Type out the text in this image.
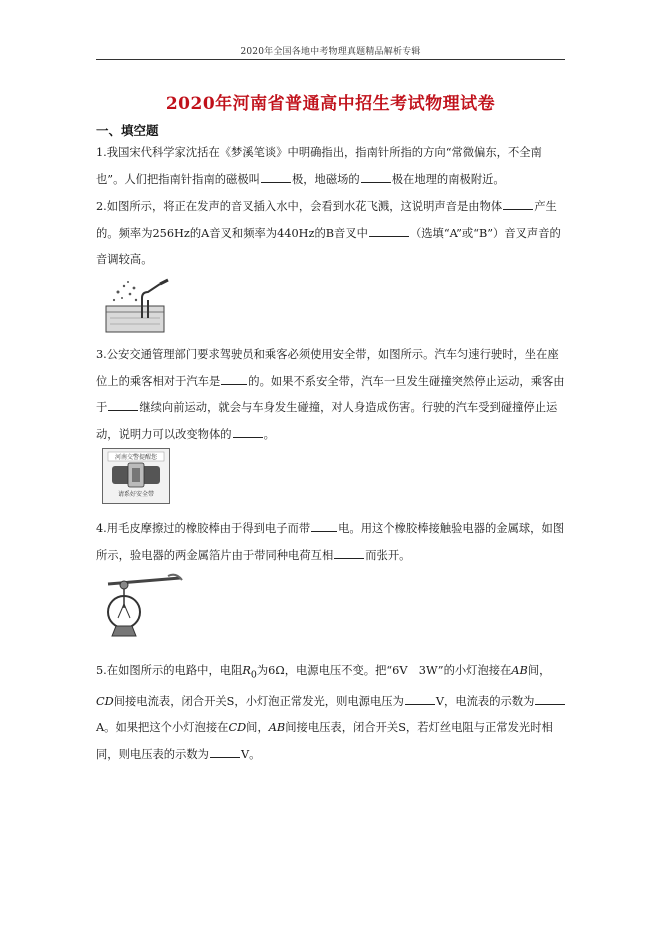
2020年全国各地中考物理真题精品解析专辑
2020年河南省普通高中招生考试物理试卷
一、填空题

1.我国宋代科学家沈括在《梦溪笔谈》中明确指出，指南针所指的方向“常微偏东，不全南也”。人们把指南针指南的磁极叫	极，地磁场的	极在地理的南极附近。

2.如图所示，将正在发声的音叉插入水中，会看到水花飞溅，这说明声音是由物体	产生的。频率为256Hz的A音叉和频率为440Hz的B音叉中	（选填“A”或“B”）音叉声音的音调较高。

3.公安交通管理部门要求驾驶员和乘客必须使用安全带，如图所示。汽车匀速行驶时，坐在座位上的乘客相对于汽车是 的。如果不系安全带，汽车一旦发生碰撞突然停止运动，乘客由于	继续向前运动，就会与车身发生碰撞，对人身造成伤害。行驶的汽车受到碰撞停止运动，说明力可以改变物体的	。

河南交警提醒您
请系好安全带

4.用毛皮摩擦过的橡胶棒由于得到电子而带 电。用这个橡胶棒接触验电器的金属球，如图所示，验电器的两金属箔片由于带同种电荷互相	而张开。

5.在如图所示的电路中，电阻$R_0$为6Ω，电源电压不变。把“6V　3W”的小灯泡接在AB间，CD间接电流表，闭合开关S，小灯泡正常发光，则电源电压为	V，电流表的示数为A。如果把这个小灯泡接在CD间，AB间接电压表，闭合开关S，若灯丝电阻与正常发光时相同，则电压表的示数为	V。
